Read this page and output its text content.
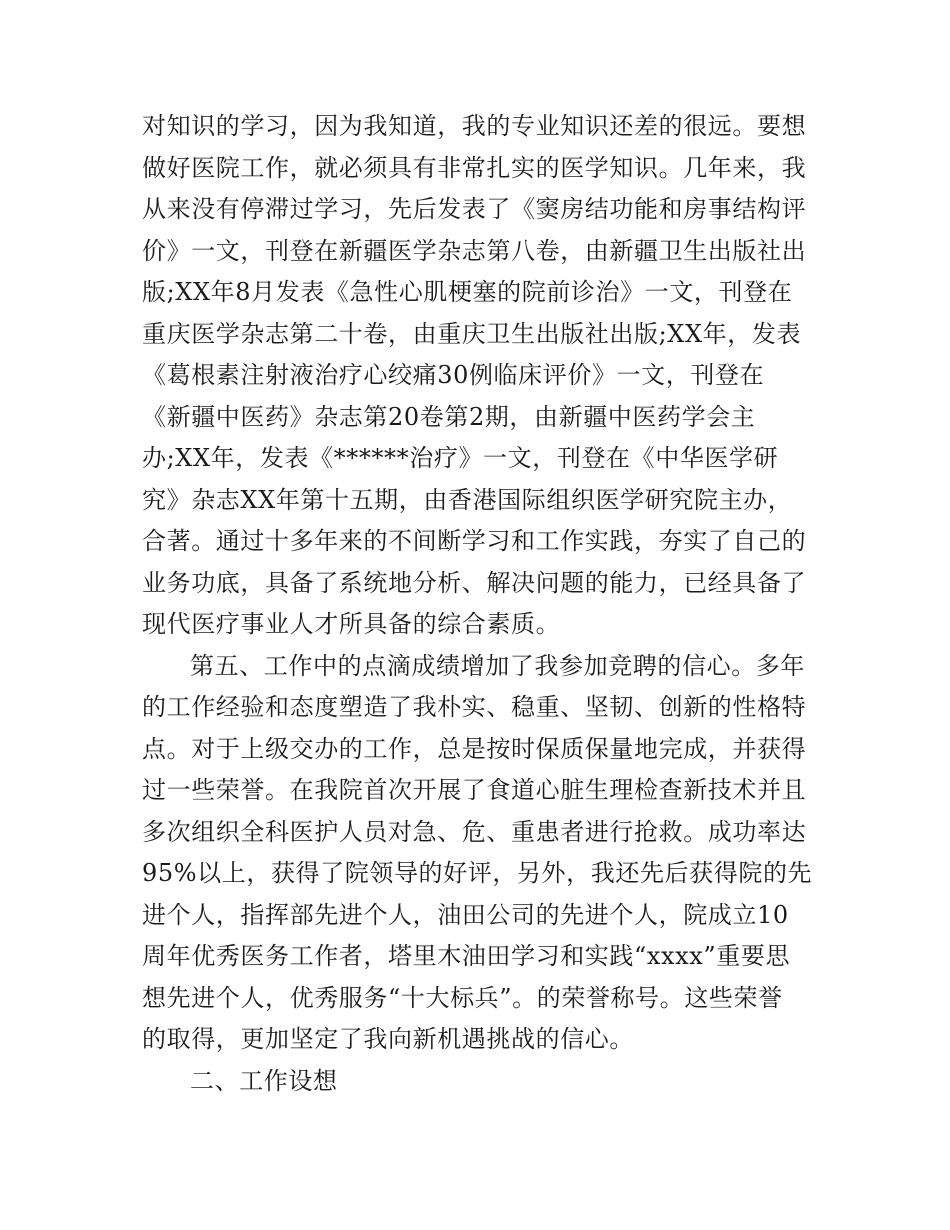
对知识的学习，因为我知道，我的专业知识还差的很远。要想
做好医院工作，就必须具有非常扎实的医学知识。几年来，我
从来没有停滞过学习，先后发表了《窦房结功能和房事结构评
价》一文，刊登在新疆医学杂志第八卷，由新疆卫生出版社出
版;XX年8月发表《急性心肌梗塞的院前诊治》一文，刊登在
重庆医学杂志第二十卷，由重庆卫生出版社出版;XX年，发表
《葛根素注射液治疗心绞痛30例临床评价》一文，刊登在
《新疆中医药》杂志第20卷第2期，由新疆中医药学会主
办;XX年，发表《******治疗》一文，刊登在《中华医学研
究》杂志XX年第十五期，由香港国际组织医学研究院主办，
合著。通过十多年来的不间断学习和工作实践，夯实了自己的
业务功底，具备了系统地分析、解决问题的能力，已经具备了
现代医疗事业人才所具备的综合素质。
第五、工作中的点滴成绩增加了我参加竞聘的信心。多年
的工作经验和态度塑造了我朴实、稳重、坚韧、创新的性格特
点。对于上级交办的工作，总是按时保质保量地完成，并获得
过一些荣誉。在我院首次开展了食道心脏生理检查新技术并且
多次组织全科医护人员对急、危、重患者进行抢救。成功率达
95%以上，获得了院领导的好评，另外，我还先后获得院的先
进个人，指挥部先进个人，油田公司的先进个人，院成立10
周年优秀医务工作者，塔里木油田学习和实践“xxxx”重要思
想先进个人，优秀服务“十大标兵”。的荣誉称号。这些荣誉
的取得，更加坚定了我向新机遇挑战的信心。
二、工作设想
